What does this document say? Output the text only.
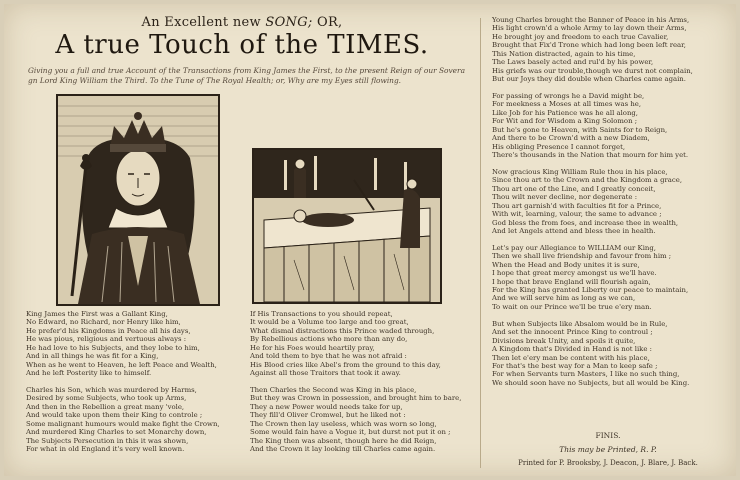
An Excellent new SONG; OR,
A true Touch of the TIMES.
Giving you a full and true Account of the Transactions from King James the First, to the present Reign of our Sovera gn Lord King William the Third. To the Tune of The Royal Health; or, Why are my Eyes still flowing.
King James the First was a Gallant King,
No Edward, no Richard, nor Henry like him,
He prefer'd his Kingdoms in Peace all his days,
He was pious, religious and vertuous always :
He had love to his Subjects, and they lobe to him,
And in all things he was fit for a King,
When as he went to Heaven, he left Peace and Wealth,
And he left Posterity like to himself.
Charles his Son, which was murdered by Harms,
Desired by some Subjects, who took up Arms,
And then in the Rebellion a great many 'vole,
And would take upon them their King to controle ;
Some malignant humours would make fight the Crown,
And murdered King Charles to set Monarchy down,
The Subjects Persecution in this it was shown,
For what in old England it's very well known.
If His Transactions to you should repeat,
It would be a Volume too large and too great,
What dismal distractions this Prince waded through,
By Rebellious actions who more than any do,
He for his Foes would heartily pray,
And told them to bye that he was not afraid :
His Blood cries like Abel's from the ground to this day,
Against all those Traitors that took it away.
Then Charles the Second was King in his place,
But they was Crown in possession, and brought him to bare,
They a new Power would needs take for up,
They fill'd Oliver Cromwel, but he liked not :
The Crown then lay useless, which was worn so long,
Some would fain have a Vogue it, but durst not put it on ;
The King then was absent, though here he did Reign,
And the Crown it lay looking till Charles came again.
Young Charles brought the Banner of Peace in his Arms,
His light crown'd a whole Army to lay down their Arms,
He brought joy and freedom to each true Cavalier,
Brought that Fix'd Trone which had long been left rear,
This Nation distracted, again to his time,
The Laws basely acted and rul'd by his power,
His griefs was our trouble,though we durst not complain,
But our Joys they did double when Charles came again.
For passing of wrongs he a David might be,
For meekness a Moses at all times was he,
Like Job for his Patience was he all along,
For Wit and for Wisdom a King Solomon ;
But he's gone to Heaven, with Saints for to Reign,
And there to be Crown'd with a new Diadem,
His obliging Presence I cannot forget,
There's thousands in the Nation that mourn for him yet.
Now gracious King William Rule thou in his place,
Since thou art to the Crown and the Kingdom a grace,
Thou art one of the Line, and I greatly conceit,
Thou wilt never decline, nor degenerate :
Thou art garnish'd with faculties fit for a Prince,
With wit, learning, valour, the same to advance ;
God bless the from foes, and increase thee in wealth,
And let Angels attend and bless thee in health.
Let's pay our Allegiance to WILLIAM our King,
Then we shall live friendship and favour from him ;
When the Head and Body unites it is sure,
I hope that great mercy amongst us we'll have.
I hope that brave England will flourish again,
For the King has granted Liberty our peace to maintain,
And we will serve him as long as we can,
To wait on our Prince we'll be true e'ery man.
But when Subjects like Absalom would be in Rule,
And set the innocent Prince King to controul ;
Divisions break Unity, and spoils it quite,
A Kingdom that's Divided in Hand is not like :
Then let e'ery man be content with his place,
For that's the best way for a Man to keep safe ;
For when Servants turn Masters, I like no such thing,
We should soon have no Subjects, but all would be King.
FINIS.
This may be Printed, R. P.
Printed for P. Brooksby, J. Deacon, J. Blare, J. Back.
